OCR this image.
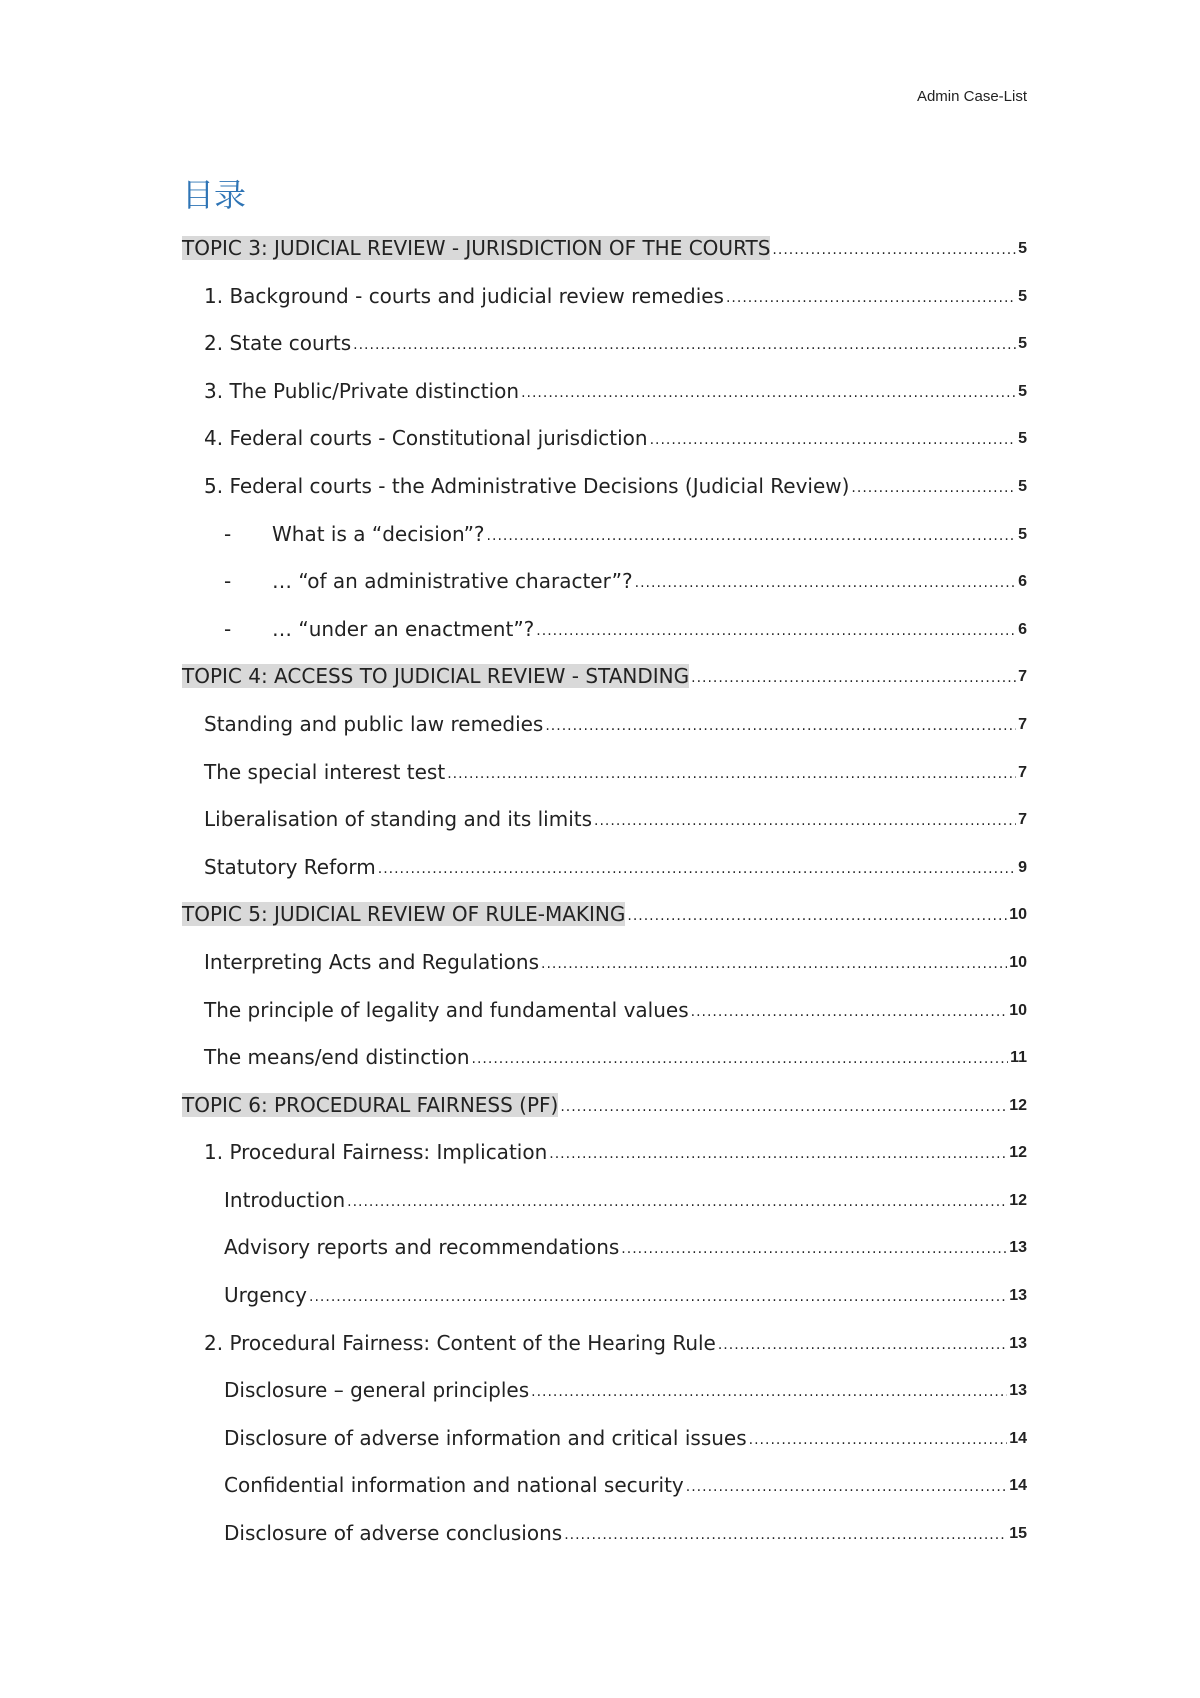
Admin Case-List
目录
TOPIC 3: JUDICIAL REVIEW - JURISDICTION OF THE COURTS .....	5
1. Background - courts and judicial review remedies .....	5
2. State courts .....	5
3. The Public/Private distinction .....	5
4. Federal courts - Constitutional jurisdiction .....	5
5. Federal courts - the Administrative Decisions (Judicial Review) .....	5
- What is a “decision”? .....	5
- … “of an administrative character”? .....	6
- … “under an enactment”? .....	6
TOPIC 4: ACCESS TO JUDICIAL REVIEW - STANDING .....	7
Standing and public law remedies .....	7
The special interest test .....	7
Liberalisation of standing and its limits .....	7
Statutory Reform .....	9
TOPIC 5: JUDICIAL REVIEW OF RULE-MAKING .....	10
Interpreting Acts and Regulations .....	10
The principle of legality and fundamental values .....	10
The means/end distinction .....	11
TOPIC 6: PROCEDURAL FAIRNESS (PF) .....	12
1. Procedural Fairness: Implication .....	12
Introduction .....	12
Advisory reports and recommendations .....	13
Urgency .....	13
2. Procedural Fairness: Content of the Hearing Rule .....	13
Disclosure – general principles .....	13
Disclosure of adverse information and critical issues .....	14
Confidential information and national security .....	14
Disclosure of adverse conclusions .....	15
